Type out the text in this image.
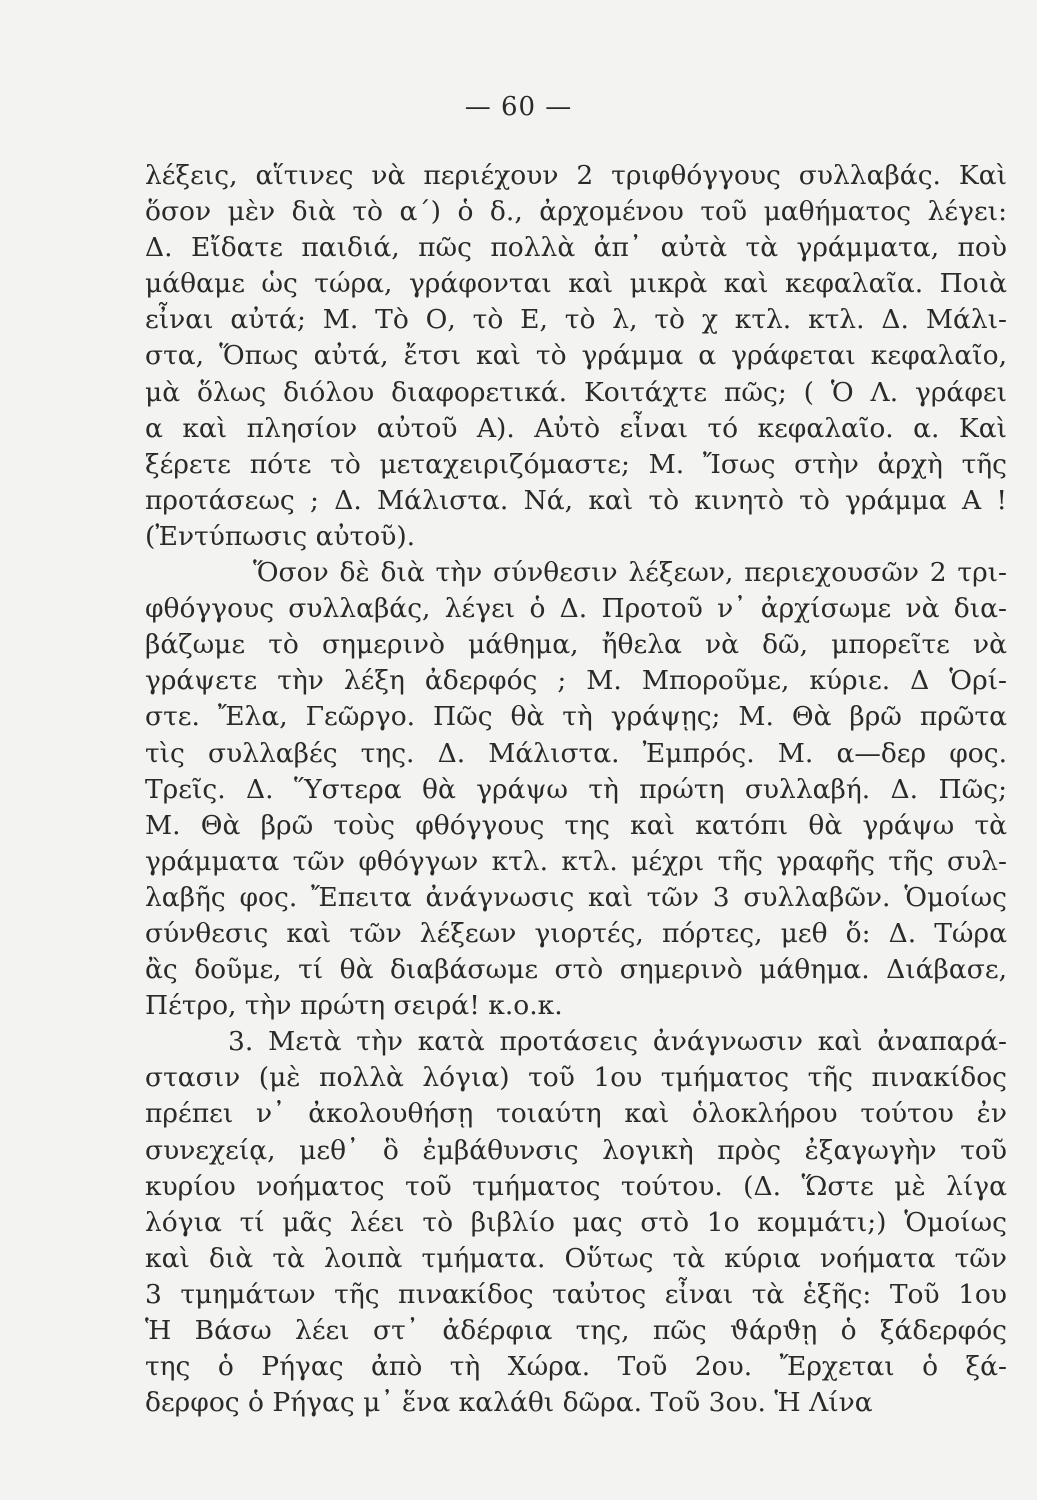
— 60 —
λέξεις, αἵτινες νὰ περιέχουν 2 τριφθόγγους συλλαβάς. Καὶ
ὅσον μὲν διὰ τὸ α΄) ὁ δ., ἀρχομένου τοῦ μαθήματος λέγει:
Δ. Εἴδατε παιδιά, πῶς πολλὰ ἀπ᾽ αὐτὰ τὰ γράμματα, ποὺ
μάθαμε ὡς τώρα, γράφονται καὶ μικρὰ καὶ κεφαλαῖα. Ποιὰ
εἶναι αὐτά; Μ. Τὸ Ο, τὸ Ε, τὸ λ, τὸ χ κτλ. κτλ. Δ. Μάλι-
στα, Ὅπως αὐτά, ἔτσι καὶ τὸ γράμμα α γράφεται κεφαλαῖο,
μὰ ὅλως διόλου διαφορετικά. Κοιτάχτε πῶς; ( Ὁ Λ. γράφει
α καὶ πλησίον αὐτοῦ Α). Αὐτὸ εἶναι τό κεφαλαῖο. α. Καὶ
ξέρετε πότε τὸ μεταχειριζόμαστε; Μ. Ἴσως στὴν ἀρχὴ τῆς
προτάσεως ; Δ. Μάλιστα. Νά, καὶ τὸ κινητὸ τὸ γράμμα Α !
(Ἐντύπωσις αὐτοῦ).
Ὅσον δὲ διὰ τὴν σύνθεσιν λέξεων, περιεχουσῶν 2 τρι-
φθόγγους συλλαβάς, λέγει ὁ Δ. Προτοῦ ν᾽ ἀρχίσωμε νὰ δια-
βάζωμε τὸ σημερινὸ μάθημα, ἤθελα νὰ δῶ, μπορεῖτε νὰ
γράψετε τὴν λέξη ἀδερφός ; Μ. Μποροῦμε, κύριε. Δ Ὁρί-
στε. Ἔλα, Γεῶργο. Πῶς θὰ τὴ γράψῃς; Μ. Θὰ βρῶ πρῶτα
τὶς συλλαβές της. Δ. Μάλιστα. Ἐμπρός. Μ. α—δερ φος.
Τρεῖς. Δ. Ὕστερα θὰ γράψω τὴ πρώτη συλλαβή. Δ. Πῶς;
Μ. Θὰ βρῶ τοὺς φθόγγους της καὶ κατόπι θὰ γράψω τὰ
γράμματα τῶν φθόγγων κτλ. κτλ. μέχρι τῆς γραφῆς τῆς συλ-
λαβῆς φος. Ἔπειτα ἀνάγνωσις καὶ τῶν 3 συλλαβῶν. Ὁμοίως
σύνθεσις καὶ τῶν λέξεων γιορτές, πόρτες, μεθ ὅ: Δ. Τώρα
ἂς δοῦμε, τί θὰ διαβάσωμε στὸ σημερινὸ μάθημα. Διάβασε,
Πέτρο, τὴν πρώτη σειρά! κ.ο.κ.
3. Μετὰ τὴν κατὰ προτάσεις ἀνάγνωσιν καὶ ἀναπαρά-
στασιν (μὲ πολλὰ λόγια) τοῦ 1ου τμήματος τῆς πινακίδος
πρέπει ν᾽ ἀκολουθήσῃ τοιαύτη καὶ ὁλοκλήρου τούτου ἐν
συνεχείᾳ, μεθ᾽ ὃ ἐμβάθυνσις λογικὴ πρὸς ἐξαγωγὴν τοῦ
κυρίου νοήματος τοῦ τμήματος τούτου. (Δ. Ὥστε μὲ λίγα
λόγια τί μᾶς λέει τὸ βιβλίο μας στὸ 1ο κομμάτι;) Ὁμοίως
καὶ διὰ τὰ λοιπὰ τμήματα. Οὕτως τὰ κύρια νοήματα τῶν
3 τμημάτων τῆς πινακίδος ταὐτος εἶναι τὰ ἑξῆς: Τοῦ 1ου
Ἡ Βάσω λέει στ᾽ ἀδέρφια της, πῶς ϑάρϑῃ ὁ ξάδερφός
της ὁ Ρήγας ἀπὸ τὴ Χώρα. Τοῦ 2ου. Ἔρχεται ὁ ξά-
δερφος ὁ Ρήγας μ᾽ ἕνα καλάθι δῶρα. Τοῦ 3ου. Ἡ Λίνα
